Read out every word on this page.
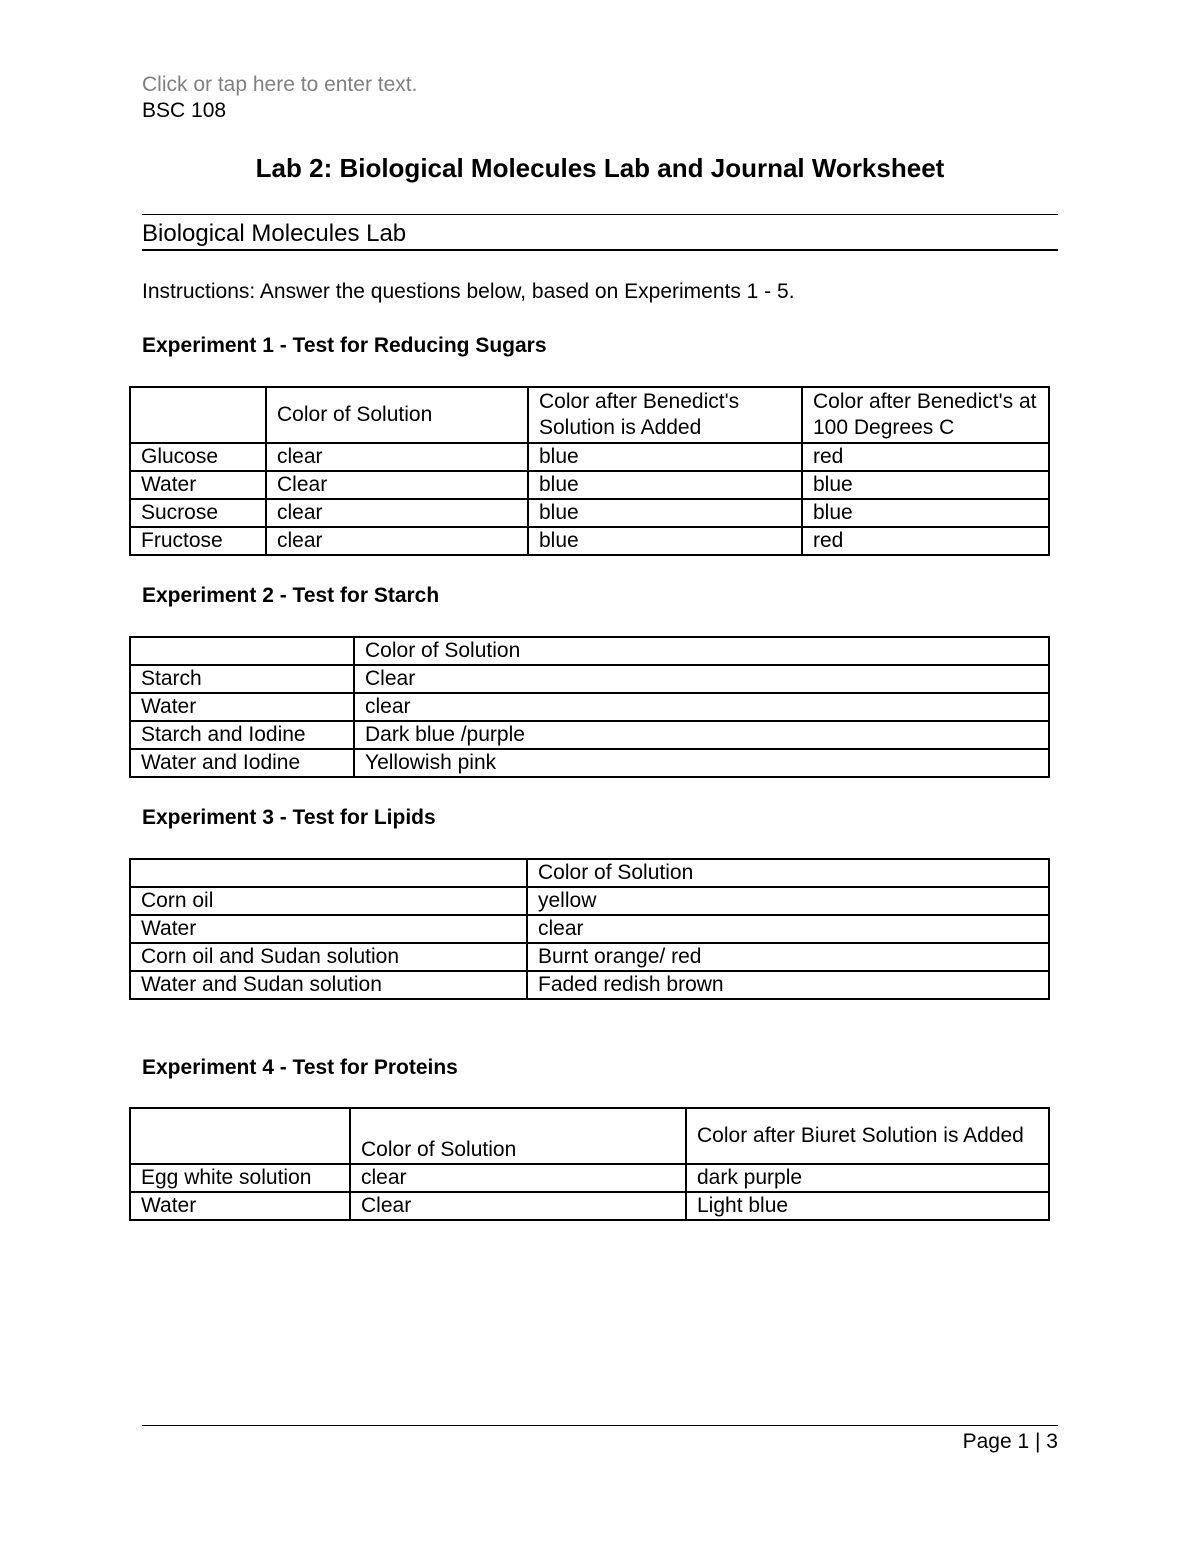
Click or tap here to enter text.
BSC 108
Lab 2: Biological Molecules Lab and Journal Worksheet
Biological Molecules Lab
Instructions: Answer the questions below, based on Experiments 1 - 5.
Experiment 1 - Test for Reducing Sugars
	Color of Solution	Color after Benedict's Solution is Added	Color after Benedict's at 100 Degrees C
Glucose	clear	blue	red
Water	Clear	blue	blue
Sucrose	clear	blue	blue
Fructose	clear	blue	red
Experiment 2 - Test for Starch
	Color of Solution
Starch	Clear
Water	clear
Starch and Iodine	Dark blue /purple
Water and Iodine	Yellowish pink
Experiment 3 - Test for Lipids
	Color of Solution
Corn oil	yellow
Water	clear
Corn oil and Sudan solution	Burnt orange/ red
Water and Sudan solution	Faded redish brown
Experiment 4 - Test for Proteins
	Color of Solution	Color after Biuret Solution is Added
Egg white solution	clear	dark purple
Water	Clear	Light blue
Page 1 | 3
